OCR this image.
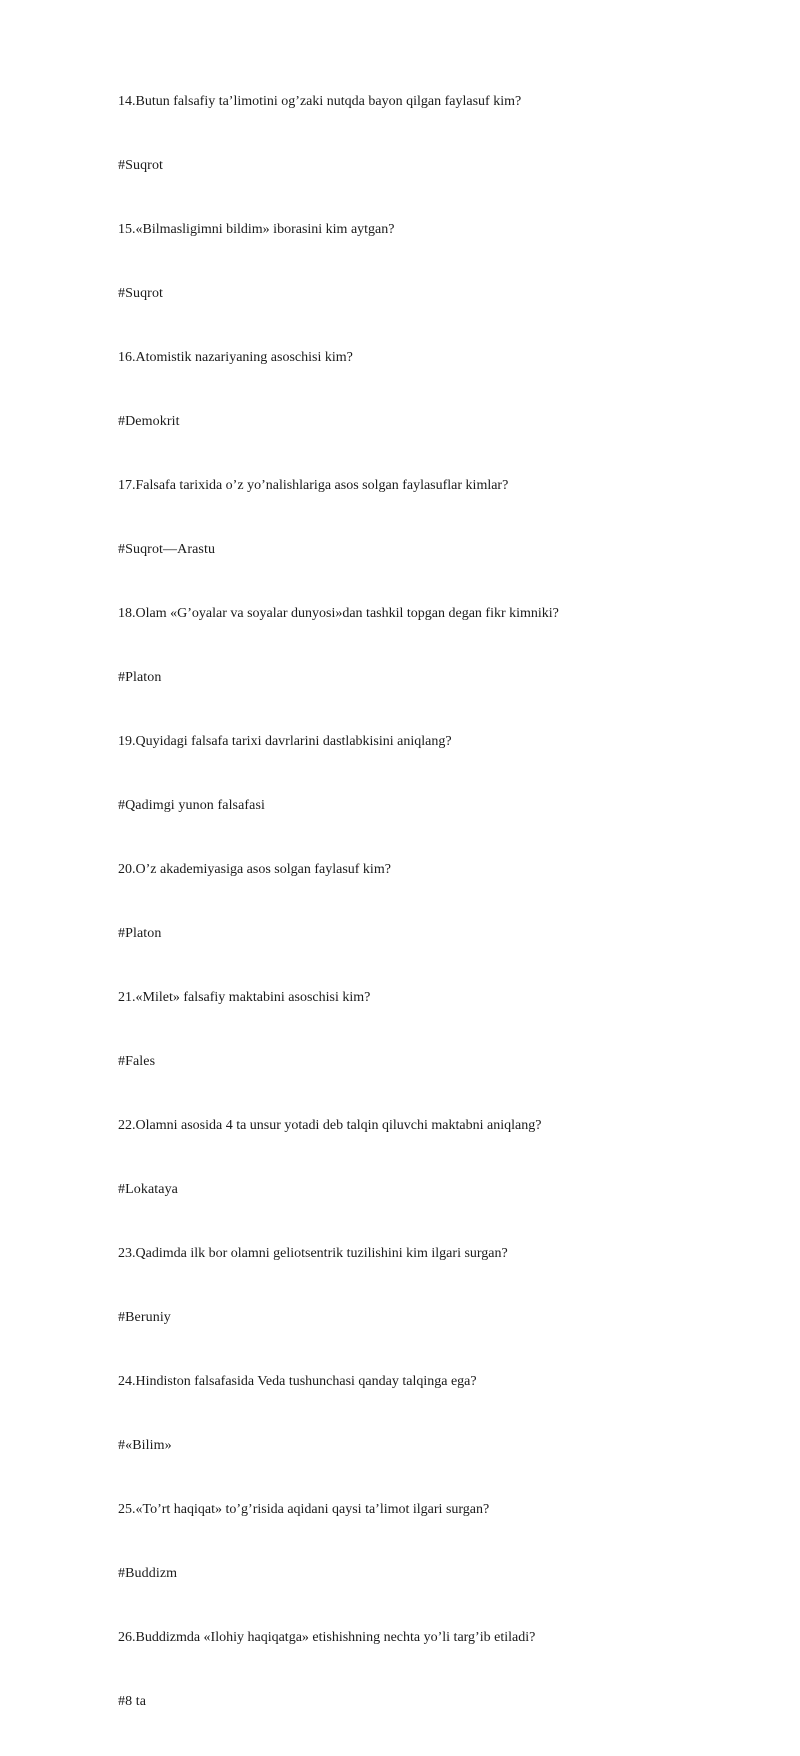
14.Butun falsafiy ta’limotini og’zaki nutqda bayon qilgan faylasuf kim?
#Suqrot
15.«Bilmasligimni bildim» iborasini kim aytgan?
#Suqrot
16.Atomistik nazariyaning asoschisi kim?
#Demokrit
17.Falsafa tarixida o’z yo’nalishlariga asos solgan faylasuflar kimlar?
#Suqrot—Arastu
18.Olam «G’oyalar va soyalar dunyosi»dan tashkil topgan degan fikr kimniki?
#Platon
19.Quyidagi falsafa tarixi davrlarini dastlabkisini aniqlang?
#Qadimgi yunon falsafasi
20.O’z akademiyasiga asos solgan faylasuf kim?
#Platon
21.«Milet» falsafiy maktabini asoschisi kim?
#Fales
22.Olamni asosida 4 ta unsur yotadi deb talqin qiluvchi maktabni aniqlang?
#Lokataya
23.Qadimda ilk bor olamni geliotsentrik tuzilishini kim ilgari surgan?
#Beruniy
24.Hindiston falsafasida Veda tushunchasi qanday talqinga ega?
#«Bilim»
25.«To’rt haqiqat» to’g’risida aqidani qaysi ta’limot ilgari surgan?
#Buddizm
26.Buddizmda «Ilohiy haqiqatga» etishishning nechta yo’li targ’ib etiladi?
#8 ta
